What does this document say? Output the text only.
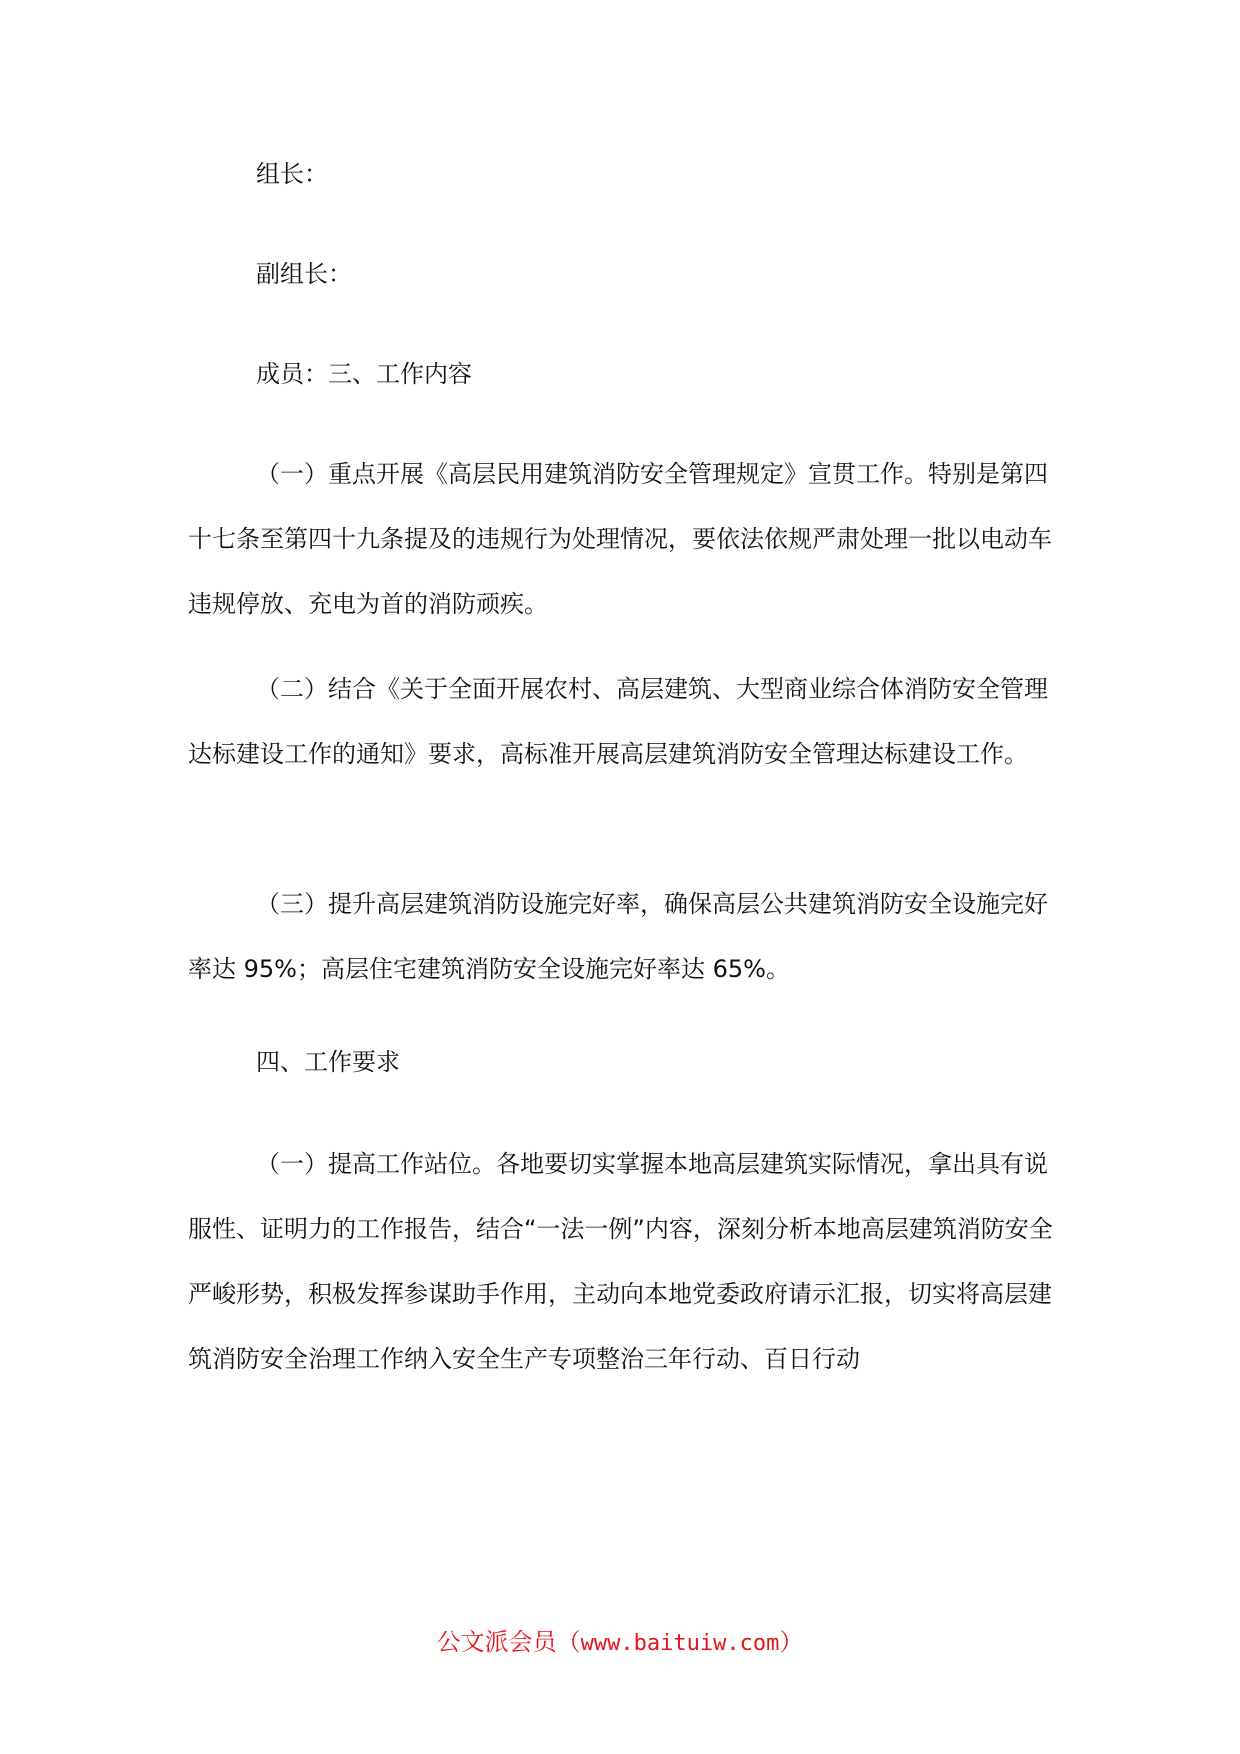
组长：

副组长：

成员：三、工作内容

（一）重点开展《高层民用建筑消防安全管理规定》宣贯工作。特别是第四十七条至第四十九条提及的违规行为处理情况，要依法依规严肃处理一批以电动车违规停放、充电为首的消防顽疾。

（二）结合《关于全面开展农村、高层建筑、大型商业综合体消防安全管理达标建设工作的通知》要求，高标准开展高层建筑消防安全管理达标建设工作。

（三）提升高层建筑消防设施完好率，确保高层公共建筑消防安全设施完好率达 95%；高层住宅建筑消防安全设施完好率达 65%。

四、工作要求

（一）提高工作站位。各地要切实掌握本地高层建筑实际情况，拿出具有说服性、证明力的工作报告，结合“一法一例”内容，深刻分析本地高层建筑消防安全严峻形势，积极发挥参谋助手作用，主动向本地党委政府请示汇报，切实将高层建筑消防安全治理工作纳入安全生产专项整治三年行动、百日行动

公文派会员（www.baituiw.com）
